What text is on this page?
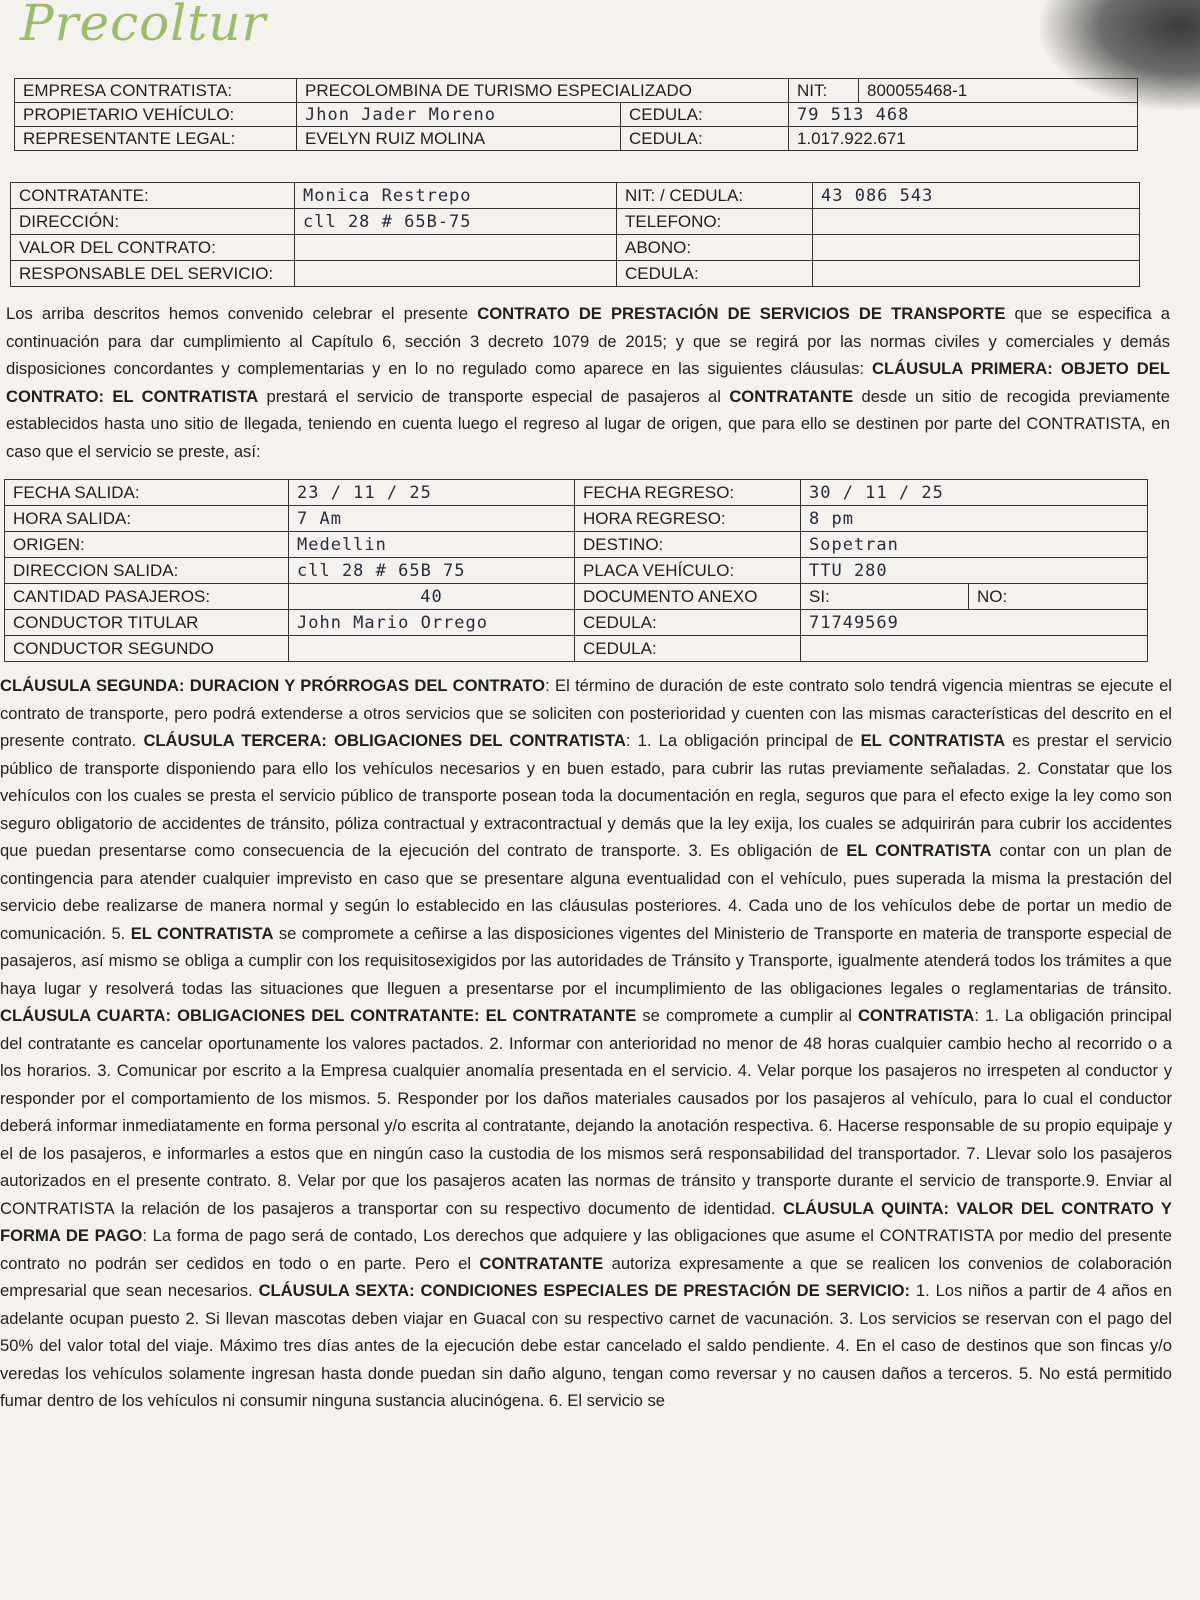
Precoltur
EMPRESA CONTRATISTA:	PRECOLOMBINA DE TURISMO ESPECIALIZADO		NIT:	800055468-1
PROPIETARIO VEHÍCULO:	Jhon Jader Moreno	CEDULA:	79 513 468	
REPRESENTANTE LEGAL:	EVELYN RUIZ MOLINA	CEDULA:	1.017.922.671	
CONTRATANTE:	Monica Restrepo	NIT: / CEDULA:	43 086 543
DIRECCIÓN:	cll 28 # 65B-75	TELEFONO:	
VALOR DEL CONTRATO:		ABONO:	
RESPONSABLE DEL SERVICIO:		CEDULA:	
Los arriba descritos hemos convenido celebrar el presente CONTRATO DE PRESTACIÓN DE SERVICIOS DE TRANSPORTE que se especifica a continuación para dar cumplimiento al Capítulo 6, sección 3 decreto 1079 de 2015; y que se regirá por las normas civiles y comerciales y demás disposiciones concordantes y complementarias y en lo no regulado como aparece en las siguientes cláusulas: CLÁUSULA PRIMERA: OBJETO DEL CONTRATO: EL CONTRATISTA prestará el servicio de transporte especial de pasajeros al CONTRATANTE desde un sitio de recogida previamente establecidos hasta uno sitio de llegada, teniendo en cuenta luego el regreso al lugar de origen, que para ello se destinen por parte del CONTRATISTA, en caso que el servicio se preste, así:
FECHA SALIDA:	23 / 11 / 25	FECHA REGRESO:	30 / 11 / 25	
HORA SALIDA:	7 Am	HORA REGRESO:	8 pm	
ORIGEN:	Medellin	DESTINO:	Sopetran	
DIRECCION SALIDA:	cll 28 # 65B 75	PLACA VEHÍCULO:	TTU 280	
CANTIDAD PASAJEROS:	40	DOCUMENTO ANEXO	SI:	NO:
CONDUCTOR TITULAR	John Mario Orrego	CEDULA:	71749569	
CONDUCTOR SEGUNDO		CEDULA:		
CLÁUSULA SEGUNDA: DURACION Y PRÓRROGAS DEL CONTRATO: El término de duración de este contrato solo tendrá vigencia mientras se ejecute el contrato de transporte, pero podrá extenderse a otros servicios que se soliciten con posterioridad y cuenten con las mismas características del descrito en el presente contrato. CLÁUSULA TERCERA: OBLIGACIONES DEL CONTRATISTA: 1. La obligación principal de EL CONTRATISTA es prestar el servicio público de transporte disponiendo para ello los vehículos necesarios y en buen estado, para cubrir las rutas previamente señaladas. 2. Constatar que los vehículos con los cuales se presta el servicio público de transporte posean toda la documentación en regla, seguros que para el efecto exige la ley como son seguro obligatorio de accidentes de tránsito, póliza contractual y extracontractual y demás que la ley exija, los cuales se adquirirán para cubrir los accidentes que puedan presentarse como consecuencia de la ejecución del contrato de transporte. 3. Es obligación de EL CONTRATISTA contar con un plan de contingencia para atender cualquier imprevisto en caso que se presentare alguna eventualidad con el vehículo, pues superada la misma la prestación del servicio debe realizarse de manera normal y según lo establecido en las cláusulas posteriores. 4. Cada uno de los vehículos debe de portar un medio de comunicación. 5. EL CONTRATISTA se compromete a ceñirse a las disposiciones vigentes del Ministerio de Transporte en materia de transporte especial de pasajeros, así mismo se obliga a cumplir con los requisitosexigidos por las autoridades de Tránsito y Transporte, igualmente atenderá todos los trámites a que haya lugar y resolverá todas las situaciones que lleguen a presentarse por el incumplimiento de las obligaciones legales o reglamentarias de tránsito. CLÁUSULA CUARTA: OBLIGACIONES DEL CONTRATANTE: EL CONTRATANTE se compromete a cumplir al CONTRATISTA: 1. La obligación principal del contratante es cancelar oportunamente los valores pactados. 2. Informar con anterioridad no menor de 48 horas cualquier cambio hecho al recorrido o a los horarios. 3. Comunicar por escrito a la Empresa cualquier anomalía presentada en el servicio. 4. Velar porque los pasajeros no irrespeten al conductor y responder por el comportamiento de los mismos. 5. Responder por los daños materiales causados por los pasajeros al vehículo, para lo cual el conductor deberá informar inmediatamente en forma personal y/o escrita al contratante, dejando la anotación respectiva. 6. Hacerse responsable de su propio equipaje y el de los pasajeros, e informarles a estos que en ningún caso la custodia de los mismos será responsabilidad del transportador. 7. Llevar solo los pasajeros autorizados en el presente contrato. 8. Velar por que los pasajeros acaten las normas de tránsito y transporte durante el servicio de transporte.9. Enviar al CONTRATISTA la relación de los pasajeros a transportar con su respectivo documento de identidad. CLÁUSULA QUINTA: VALOR DEL CONTRATO Y FORMA DE PAGO: La forma de pago será de contado, Los derechos que adquiere y las obligaciones que asume el CONTRATISTA por medio del presente contrato no podrán ser cedidos en todo o en parte. Pero el CONTRATANTE autoriza expresamente a que se realicen los convenios de colaboración empresarial que sean necesarios. CLÁUSULA SEXTA: CONDICIONES ESPECIALES DE PRESTACIÓN DE SERVICIO: 1. Los niños a partir de 4 años en adelante ocupan puesto 2. Si llevan mascotas deben viajar en Guacal con su respectivo carnet de vacunación. 3. Los servicios se reservan con el pago del 50% del valor total del viaje. Máximo tres días antes de la ejecución debe estar cancelado el saldo pendiente. 4. En el caso de destinos que son fincas y/o veredas los vehículos solamente ingresan hasta donde puedan sin daño alguno, tengan como reversar y no causen daños a terceros. 5. No está permitido fumar dentro de los vehículos ni consumir ninguna sustancia alucinógena. 6. El servicio se
